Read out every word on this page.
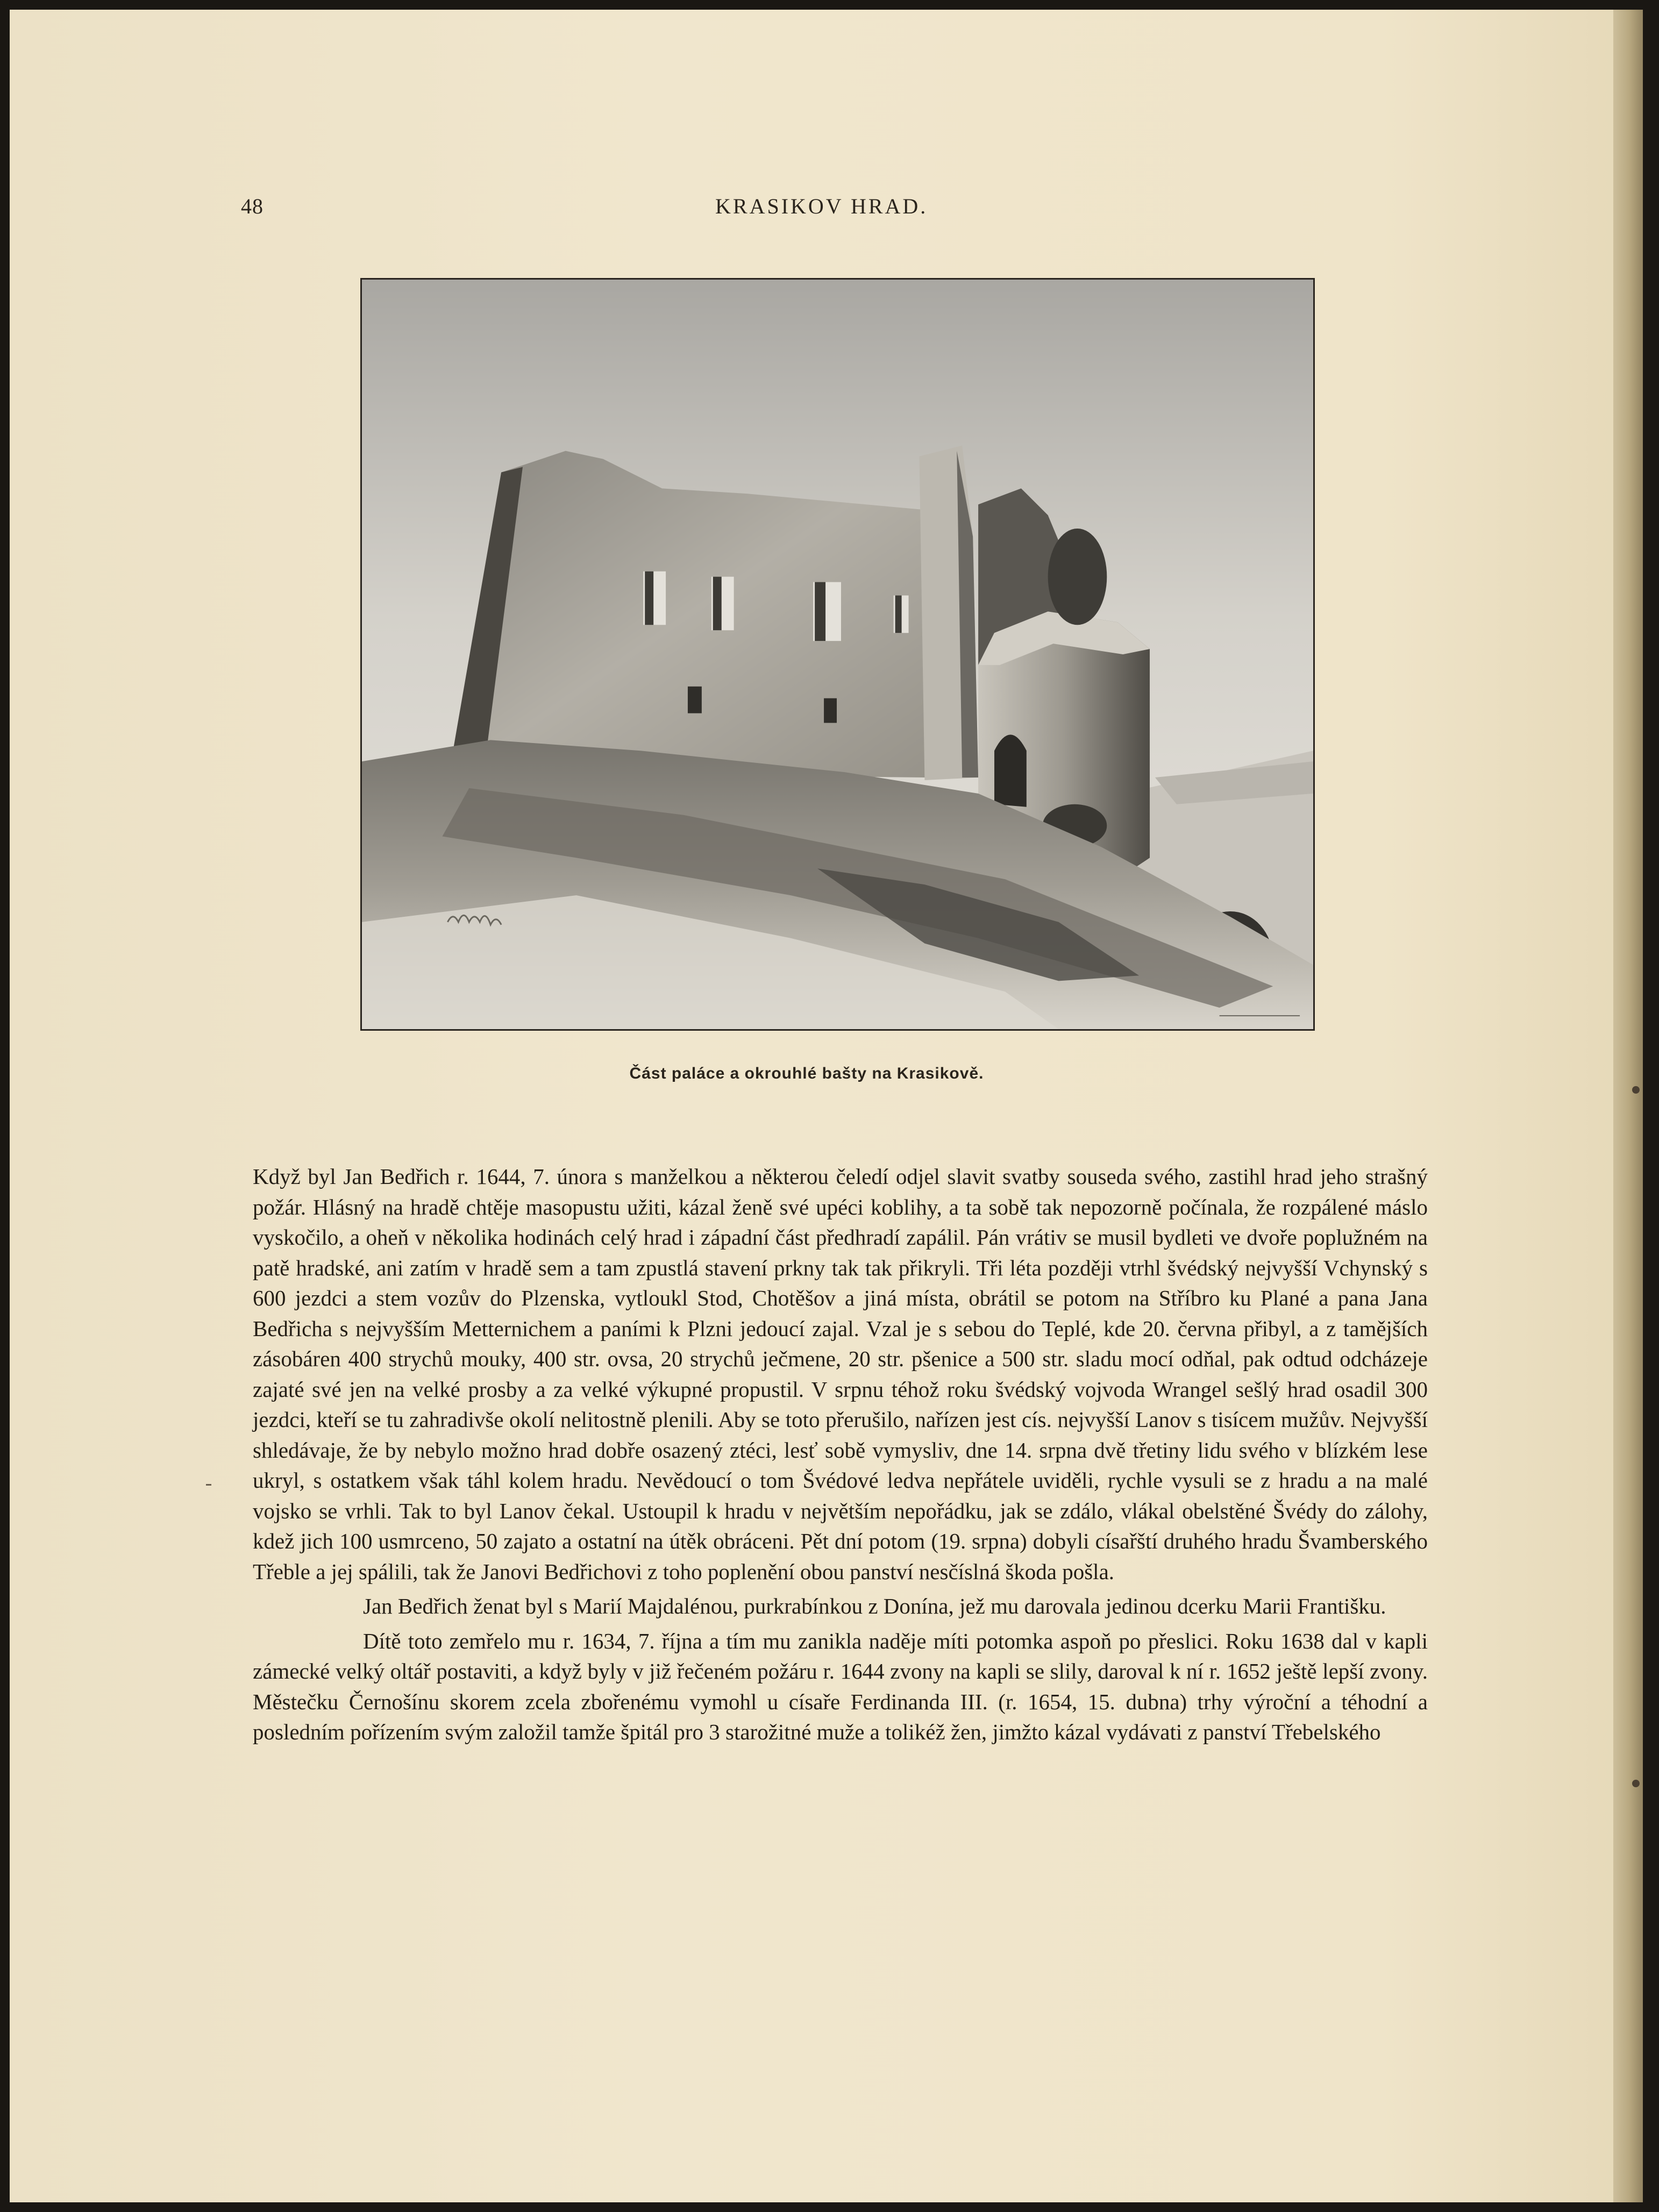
48	KRASIKOV HRAD.
Část paláce a okrouhlé bašty na Krasikově.

Když byl Jan Bedřich r. 1644, 7. února s manželkou a některou čeledí odjel slavit svatby souseda svého, zastihl hrad jeho strašný požár. Hlásný na hradě chtěje masopustu užiti, kázal ženě své upéci koblihy, a ta sobě tak nepozorně počínala, že rozpálené máslo vyskočilo, a oheň v několika hodinách celý hrad i západní část předhradí zapálil. Pán vrátiv se musil bydleti ve dvoře poplužném na patě hradské, ani zatím v hradě sem a tam zpustlá stavení prkny tak tak přikryli. Tři léta později vtrhl švédský nejvyšší Vchynský s 600 jezdci a stem vozův do Plzenska, vytloukl Stod, Chotěšov a jiná místa, obrátil se potom na Stříbro ku Plané a pana Jana Bedřicha s nejvyšším Metternichem a paními k Plzni jedoucí zajal. Vzal je s sebou do Teplé, kde 20. června přibyl, a z tamějších zásobáren 400 strychů mouky, 400 str. ovsa, 20 strychů ječmene, 20 str. pšenice a 500 str. sladu mocí odňal, pak odtud odcházeje zajaté své jen na velké prosby a za velké výkupné propustil. V srpnu téhož roku švédský vojvoda Wrangel sešlý hrad osadil 300 jezdci, kteří se tu zahradivše okolí nelitostně plenili. Aby se toto přerušilo, nařízen jest cís. nejvyšší Lanov s tisícem mužův. Nejvyšší shledávaje, že by nebylo možno hrad dobře osazený ztéci, lesť sobě vymysliv, dne 14. srpna dvě třetiny lidu svého v blízkém lese ukryl, s ostatkem však táhl kolem hradu. Nevědoucí o tom Švédové ledva nepřátele uviděli, rychle vysuli se z hradu a na malé vojsko se vrhli. Tak to byl Lanov čekal. Ustoupil k hradu v největším nepořádku, jak se zdálo, vlákal obelstěné Švédy do zálohy, kdež jich 100 usmrceno, 50 zajato a ostatní na útěk obráceni. Pět dní potom (19. srpna) dobyli císařští druhého hradu Švamberského Třeble a jej spálili, tak že Janovi Bedřichovi z toho poplenění obou panství nesčíslná škoda pošla.

Jan Bedřich ženat byl s Marií Majdalénou, purkrabínkou z Donína, jež mu darovala jedinou dcerku Marii Františku.

Dítě toto zemřelo mu r. 1634, 7. října a tím mu zanikla naděje míti potomka aspoň po přeslici. Roku 1638 dal v kapli zámecké velký oltář postaviti, a když byly v již řečeném požáru r. 1644 zvony na kapli se slily, daroval k ní r. 1652 ještě lepší zvony. Městečku Černošínu skorem zcela zbořenému vymohl u císaře Ferdinanda III. (r. 1654, 15. dubna) trhy výroční a téhodní a posledním pořízením svým založil tamže špitál pro 3 starožitné muže a tolikéž žen, jimžto kázal vydávati z panství Třebelského
